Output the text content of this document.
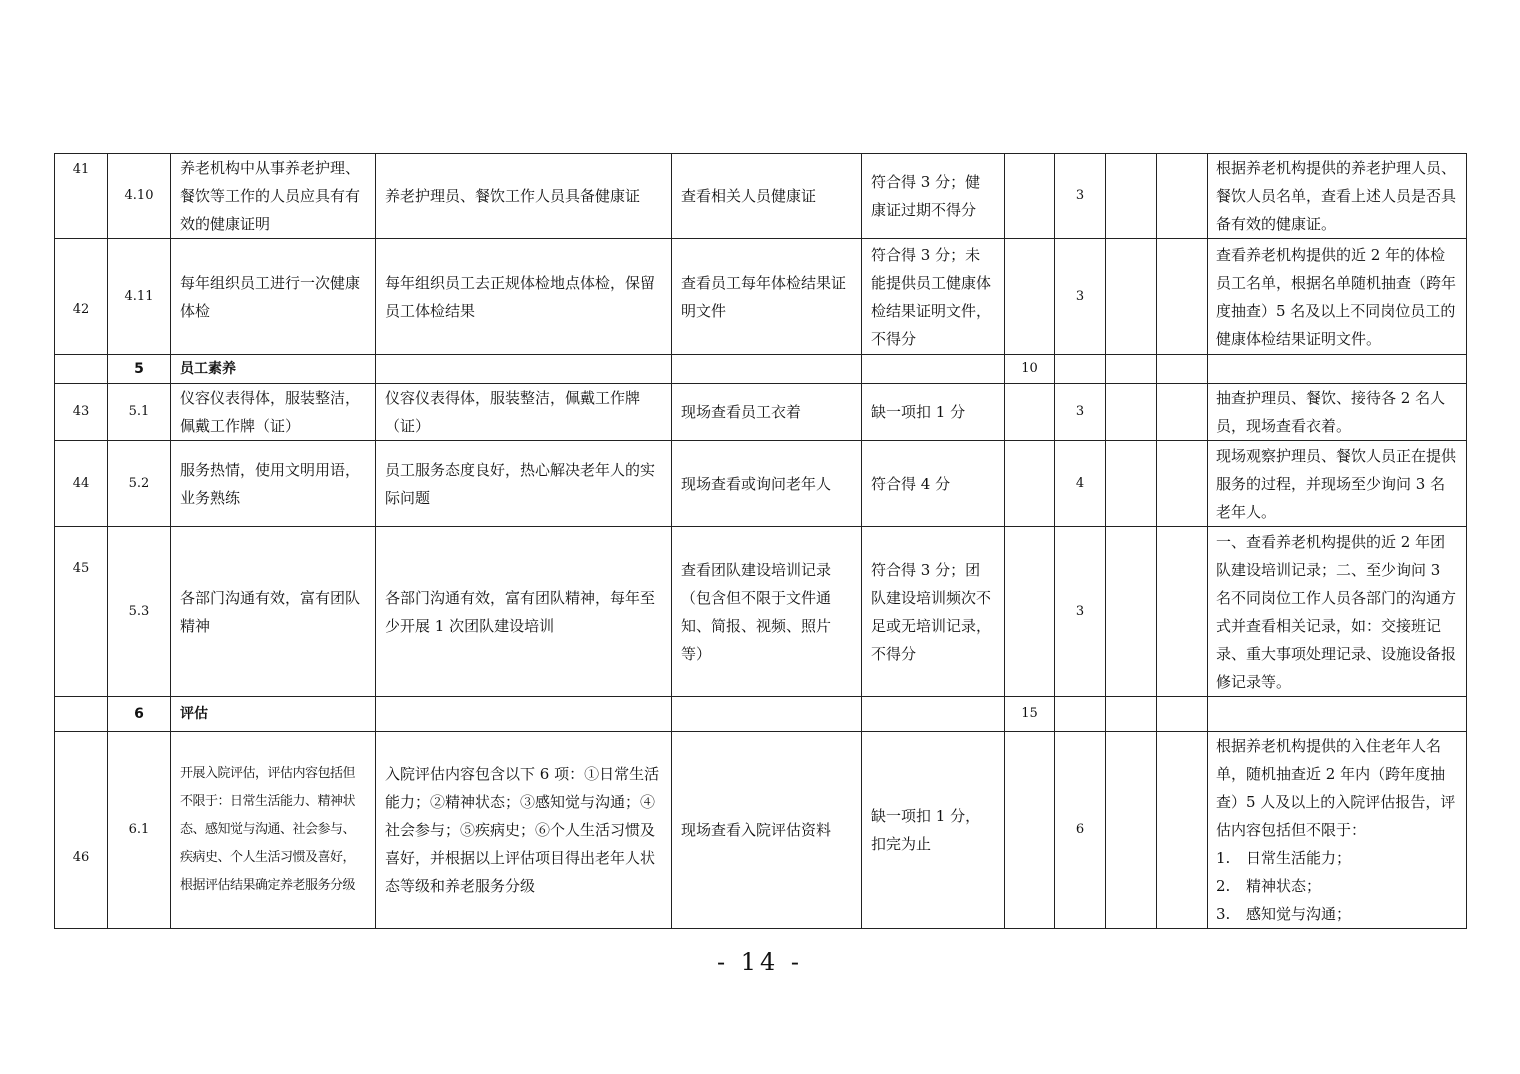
41	4.10	养老机构中从事养老护理、餐饮等工作的人员应具有有效的健康证明	养老护理员、餐饮工作人员具备健康证	查看相关人员健康证	符合得 3 分；健康证过期不得分		3			根据养老机构提供的养老护理人员、餐饮人员名单，查看上述人员是否具备有效的健康证。
42	4.11	每年组织员工进行一次健康体检	每年组织员工去正规体检地点体检，保留员工体检结果	查看员工每年体检结果证明文件	符合得 3 分；未能提供员工健康体检结果证明文件，不得分		3			查看养老机构提供的近 2 年的体检员工名单，根据名单随机抽查（跨年度抽查）5 名及以上不同岗位员工的健康体检结果证明文件。
	5	员工素养				10				
43	5.1	仪容仪表得体，服装整洁，佩戴工作牌（证）	仪容仪表得体，服装整洁，佩戴工作牌（证）	现场查看员工衣着	缺一项扣 1 分		3			抽查护理员、餐饮、接待各 2 名人员，现场查看衣着。
44	5.2	服务热情，使用文明用语，业务熟练	员工服务态度良好，热心解决老年人的实际问题	现场查看或询问老年人	符合得 4 分		4			现场观察护理员、餐饮人员正在提供服务的过程，并现场至少询问 3 名老年人。
45	5.3	各部门沟通有效，富有团队精神	各部门沟通有效，富有团队精神，每年至少开展 1 次团队建设培训	查看团队建设培训记录（包含但不限于文件通知、简报、视频、照片等）	符合得 3 分；团队建设培训频次不足或无培训记录，不得分		3			一、查看养老机构提供的近 2 年团队建设培训记录；二、至少询问 3 名不同岗位工作人员各部门的沟通方式并查看相关记录，如：交接班记录、重大事项处理记录、设施设备报修记录等。
	6	评估				15				
46	6.1	开展入院评估，评估内容包括但不限于：日常生活能力、精神状态、感知觉与沟通、社会参与、疾病史、个人生活习惯及喜好，根据评估结果确定养老服务分级	入院评估内容包含以下 6 项：①日常生活能力；②精神状态；③感知觉与沟通；④社会参与；⑤疾病史；⑥个人生活习惯及喜好，并根据以上评估项目得出老年人状态等级和养老服务分级	现场查看入院评估资料	缺一项扣 1 分，扣完为止		6			根据养老机构提供的入住老年人名单，随机抽查近 2 年内（跨年度抽查）5 人及以上的入院评估报告，评估内容包括但不限于：
1. 日常生活能力；
2. 精神状态；
3. 感知觉与沟通；
- 14 -
